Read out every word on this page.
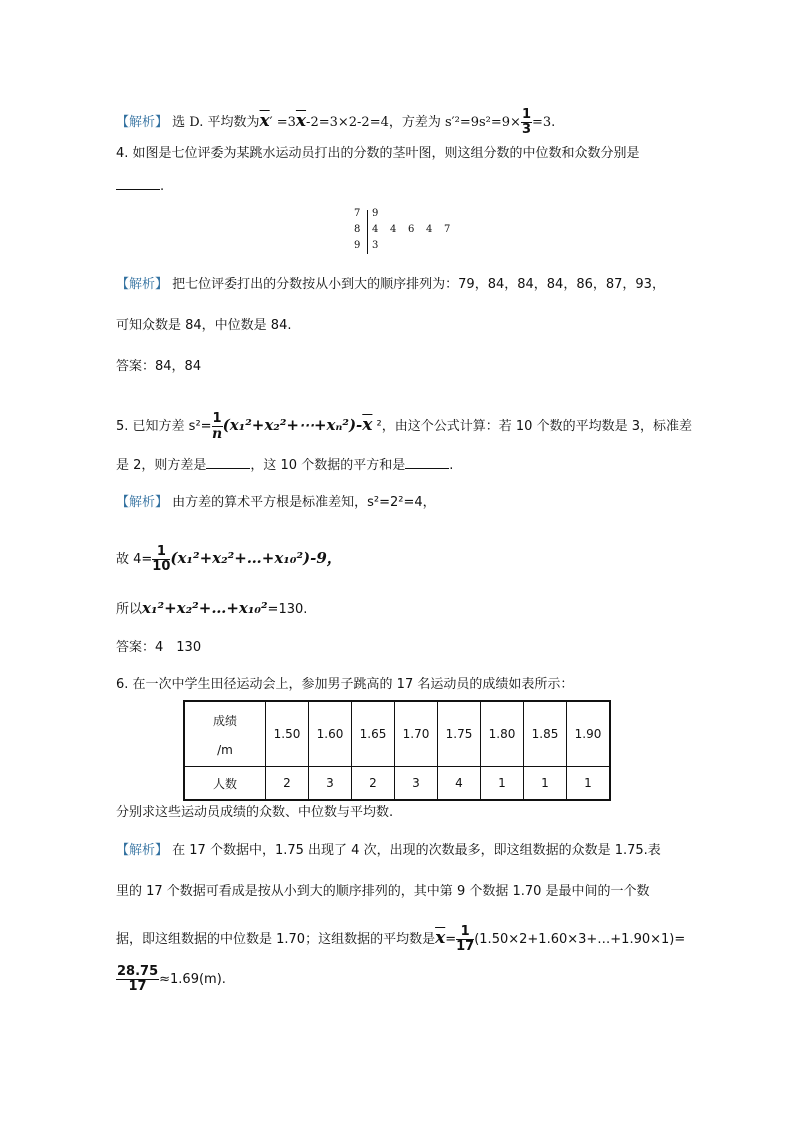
【解析】 选 D. 平均数为$\overline{x}' =3\overline{x}-2=3\times 2-2=4$，方差为 $s'^2=9s^2=9\times \frac{1}{3} =3$.
4. 如图是七位评委为某跳水运动员打出的分数的茎叶图，则这组分数的中位数和众数分别是
.
7 9
8 4 4 6 4 7
9 3
【解析】 把七位评委打出的分数按从小到大的顺序排列为：79，84，84，84，86，87，93，
可知众数是 84，中位数是 84.
答案：84，84
5. 已知方差 $s^2= \frac{1}{n}$ $(x_1^2+x_2^2+\cdots+x_n^2)-\overline{x}$ ²，由这个公式计算：若 10 个数的平均数是 3，标准差
是 2，则方差是	，这 10 个数据的平方和是	.
【解析】 由方差的算术平方根是标准差知，s²=2²=4，
故 $4= \frac{1}{10}$ (x₁²+x₂²+…+x₁₀²)-9，
所以x₁²+x₂²+…+x₁₀²=130.
答案：4　130
6. 在一次中学生田径运动会上，参加男子跳高的 17 名运动员的成绩如表所示：
成绩
/m	1.50	1.60	1.65	1.70	1.75	1.80	1.85	1.90
人数	2	3	2	3	4	1	1	1
分别求这些运动员成绩的众数、中位数与平均数.
【解析】 在 17 个数据中，1.75 出现了 4 次，出现的次数最多，即这组数据的众数是 1.75.表
里的 17 个数据可看成是按从小到大的顺序排列的，其中第 9 个数据 1.70 是最中间的一个数
据，即这组数据的中位数是 1.70；这组数据的平均数是$\overline{x}= \frac{1}{17}$ (1.50×2+1.60×3+…+1.90×1)=
$\frac{28.75}{17} \approx 1.69(m)$.
